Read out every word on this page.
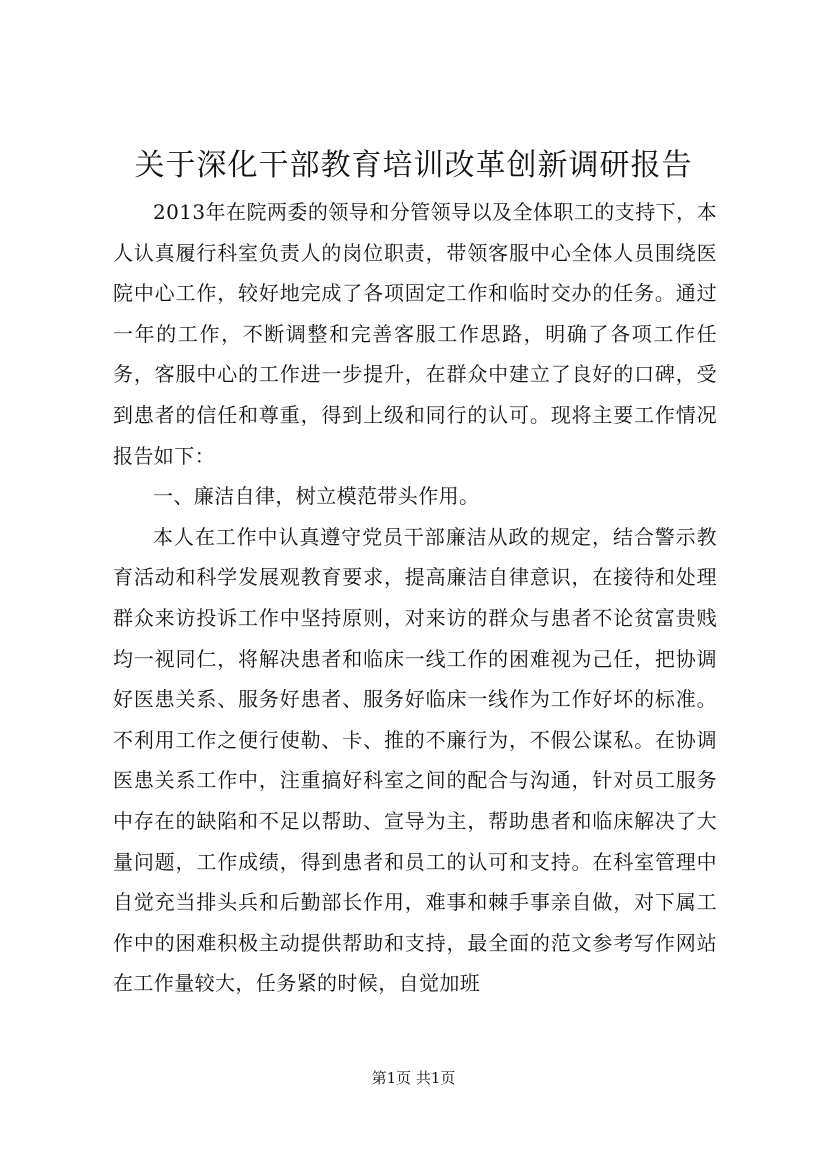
关于深化干部教育培训改革创新调研报告

2013年在院两委的领导和分管领导以及全体职工的支持下，本人认真履行科室负责人的岗位职责，带领客服中心全体人员围绕医院中心工作，较好地完成了各项固定工作和临时交办的任务。通过一年的工作，不断调整和完善客服工作思路，明确了各项工作任务，客服中心的工作进一步提升，在群众中建立了良好的口碑，受到患者的信任和尊重，得到上级和同行的认可。现将主要工作情况报告如下：

一、廉洁自律，树立模范带头作用。

本人在工作中认真遵守党员干部廉洁从政的规定，结合警示教育活动和科学发展观教育要求，提高廉洁自律意识，在接待和处理群众来访投诉工作中坚持原则，对来访的群众与患者不论贫富贵贱均一视同仁，将解决患者和临床一线工作的困难视为己任，把协调好医患关系、服务好患者、服务好临床一线作为工作好坏的标准。不利用工作之便行使勒、卡、推的不廉行为，不假公谋私。在协调医患关系工作中，注重搞好科室之间的配合与沟通，针对员工服务中存在的缺陷和不足以帮助、宣导为主，帮助患者和临床解决了大量问题，工作成绩，得到患者和员工的认可和支持。在科室管理中自觉充当排头兵和后勤部长作用，难事和棘手事亲自做，对下属工作中的困难积极主动提供帮助和支持，最全面的范文参考写作网站在工作量较大，任务紧的时候，自觉加班

第1页 共1页
